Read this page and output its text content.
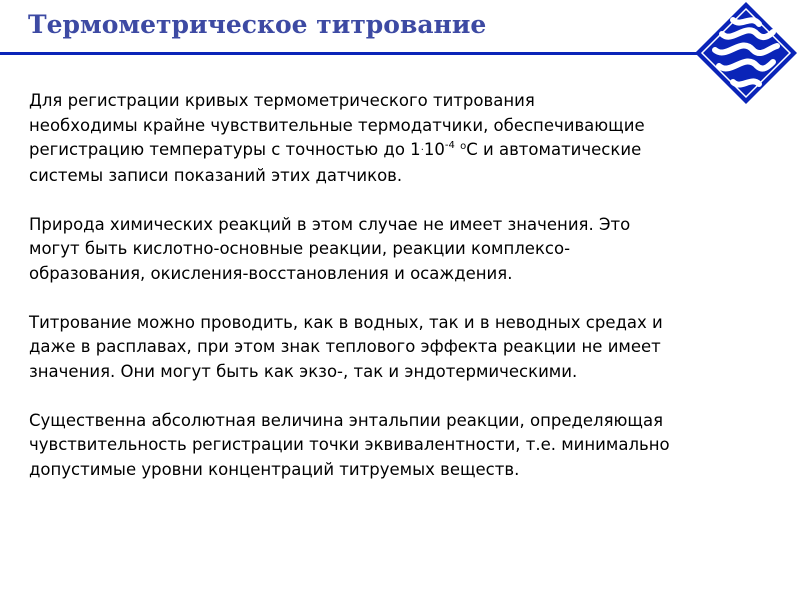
Термометрическое титрование
Для регистрации кривых термометрического титрования
необходимы крайне чувствительные термодатчики, обеспечивающие
регистрацию температуры с точностью до $1\cdot 10^{-4}$ $^о$С и автоматические
системы записи показаний этих датчиков.
Природа химических реакций в этом случае не имеет значения. Это
могут быть кислотно-основные реакции, реакции комплексо-
образования, окисления-восстановления и осаждения.
Титрование можно проводить, как в водных, так и в неводных средах и
даже в расплавах, при этом знак теплового эффекта реакции не имеет
значения. Они могут быть как экзо-, так и эндотермическими.
Существенна абсолютная величина энтальпии реакции, определяющая
чувствительность регистрации точки эквивалентности, т.е. минимально
допустимые уровни концентраций титруемых веществ.
